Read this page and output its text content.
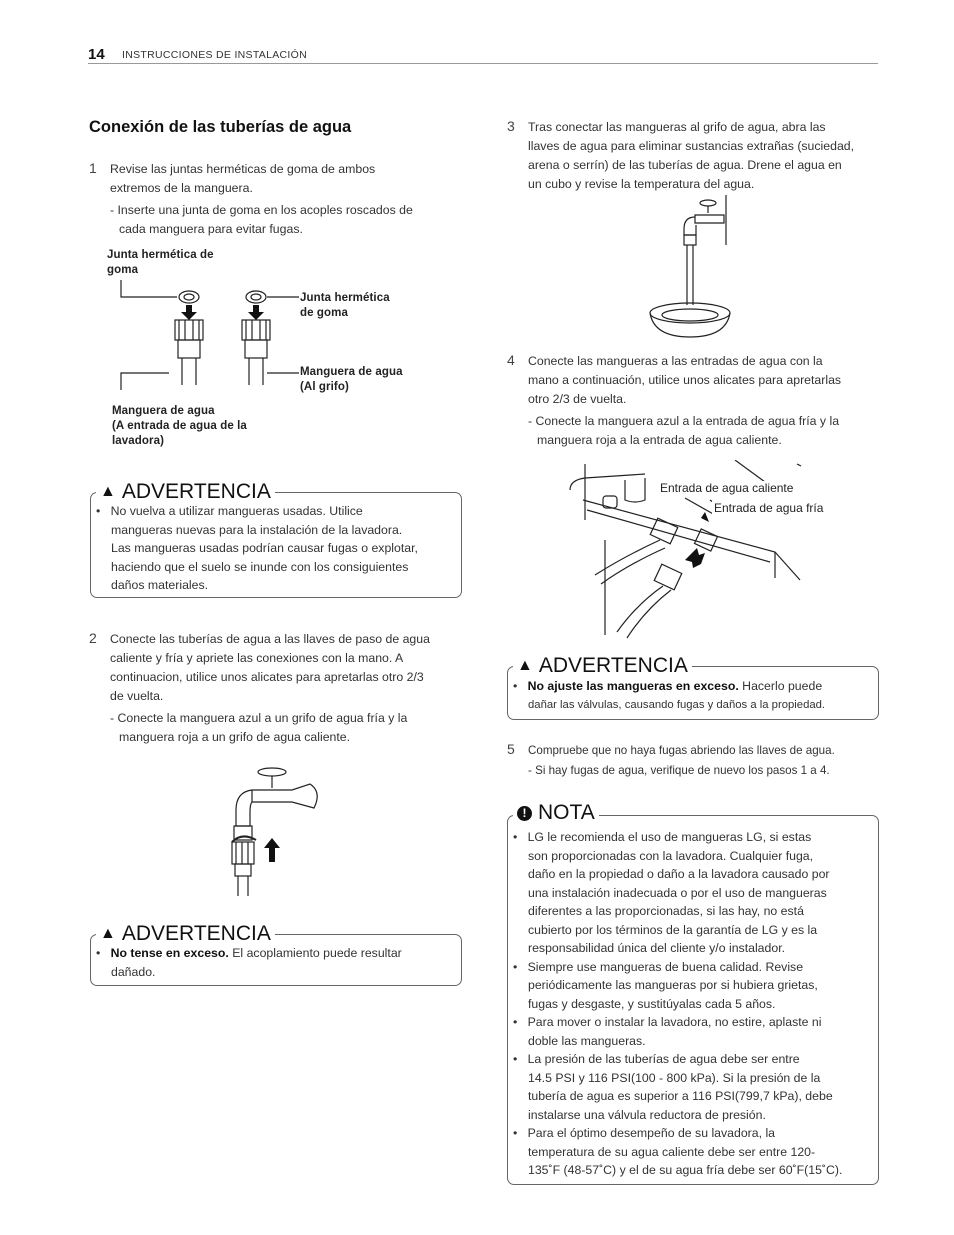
14 INSTRUCCIONES DE INSTALACIÓN
Conexión de las tuberías de agua
1 Revise las juntas herméticas de goma de ambos
extremos de la manguera.
- Inserte una junta de goma en los acoples roscados de
cada manguera para evitar fugas.
Junta hermética de
goma
Junta hermética
de goma
Manguera de agua
(Al grifo)
Manguera de agua
(A entrada de agua de la
lavadora)
▲ ADVERTENCIA
•   No vuelva a utilizar mangueras usadas. Utilice
mangueras nuevas para la instalación de la lavadora.
Las mangueras usadas podrían causar fugas o explotar,
haciendo que el suelo se inunde con los consiguientes
daños materiales.
2 Conecte las tuberías de agua a las llaves de paso de agua
caliente y fría y apriete las conexiones con la mano. A
continuacion, utilice unos alicates para apretarlas otro 2/3
de vuelta.
- Conecte la manguera azul a un grifo de agua fría y la
manguera roja a un grifo de agua caliente.
▲ ADVERTENCIA
•   No tense en exceso. El acoplamiento puede resultar
dañado.
3 Tras conectar las mangueras al grifo de agua, abra las
llaves de agua para eliminar sustancias extrañas (suciedad,
arena o serrín) de las tuberías de agua. Drene el agua en
un cubo y revise la temperatura del agua.
4 Conecte las mangueras a las entradas de agua con la
mano a continuación, utilice unos alicates para apretarlas
otro 2/3 de vuelta.
- Conecte la manguera azul a la entrada de agua fría y la
manguera roja a la entrada de agua caliente.
Entrada de agua caliente
Entrada de agua fría
▲ ADVERTENCIA
•   No ajuste las mangueras en exceso. Hacerlo puede
dañar las válvulas, causando fugas y daños a la propiedad.
5 Compruebe que no haya fugas abriendo las llaves de agua.
- Si hay fugas de agua, verifique de nuevo los pasos 1 a 4.
! NOTA
•   LG le recomienda el uso de mangueras LG, si estas
son proporcionadas con la lavadora. Cualquier fuga,
daño en la propiedad o daño a la lavadora causado por
una instalación inadecuada o por el uso de mangueras
diferentes a las proporcionadas, si las hay, no está
cubierto por los términos de la garantía de LG y es la
responsabilidad única del cliente y/o instalador.
•   Siempre use mangueras de buena calidad. Revise
periódicamente las mangueras por si hubiera grietas,
fugas y desgaste, y sustitúyalas cada 5 años.
•   Para mover o instalar la lavadora, no estire, aplaste ni
doble las mangueras.
•   La presión de las tuberías de agua debe ser entre
14.5 PSI y 116 PSI(100 - 800 kPa). Si la presión de la
tubería de agua es superior a 116 PSI(799,7 kPa), debe
instalarse una válvula reductora de presión.
•   Para el óptimo desempeño de su lavadora, la
temperatura de su agua caliente debe ser entre 120-
135˚F (48-57˚C) y el de su agua fría debe ser 60˚F(15˚C).
